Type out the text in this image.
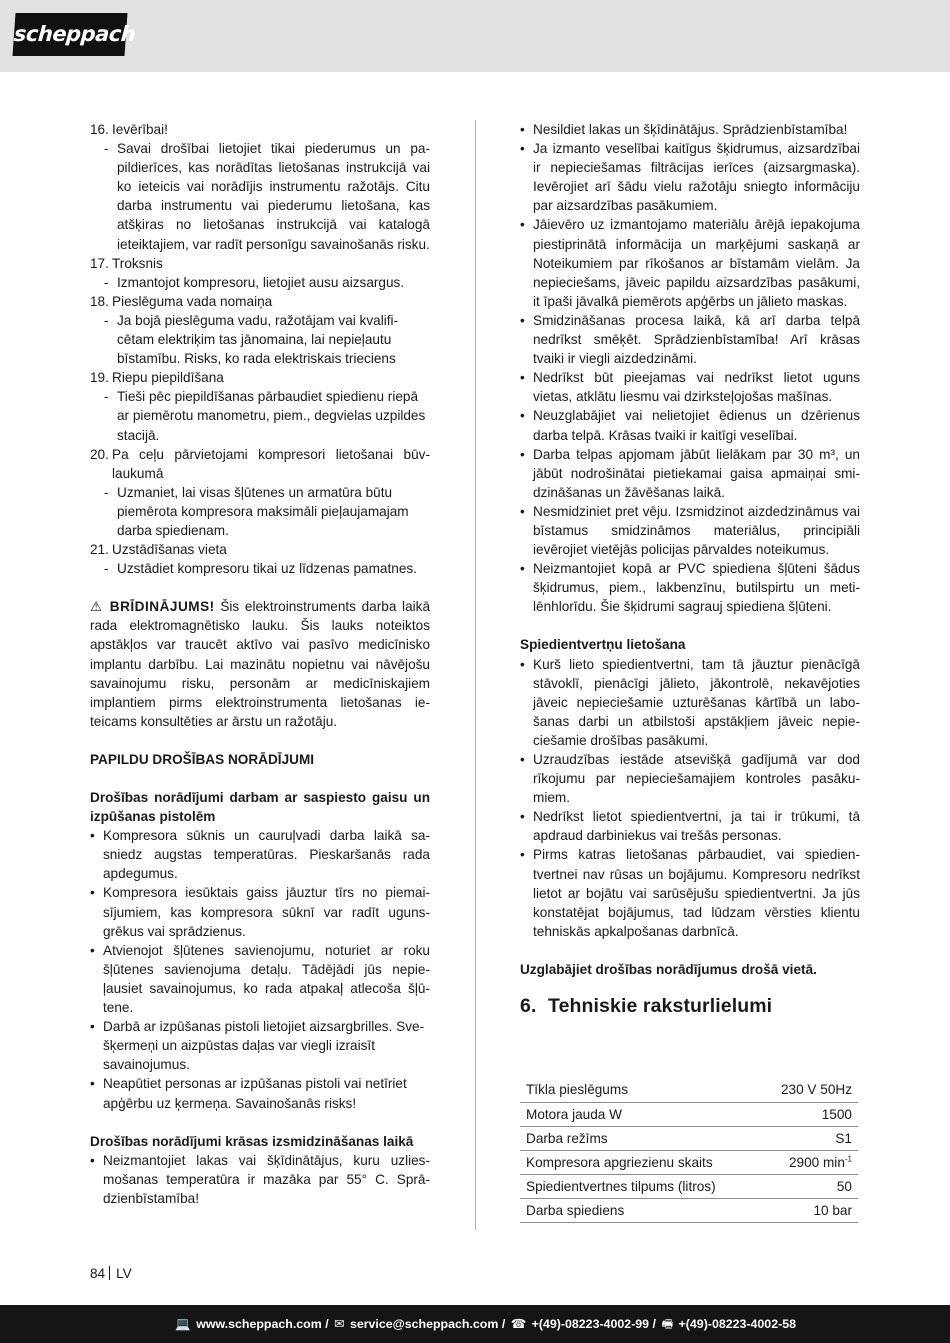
scheppach
16. Ievērībai!
- Savai drošībai lietojiet tikai piederumus un papildierīces, kas norādītas lietošanas instrukcijā vai ko ieteicis vai norādījis instrumentu ražotājs. Citu darba instrumentu vai piederumu lietošana, kas atšķiras no lietošanas instrukcijā vai katalogā ieteiktajiem, var radīt personīgu savainošanās risku.
17. Troksnis
- Izmantojot kompresoru, lietojiet ausu aizsargus.
18. Pieslēguma vada nomaiņa
- Ja bojā pieslēguma vadu, ražotājam vai kvalificētam elektriķim tas jānomaina, lai nepieļautu bīstamību. Risks, ko rada elektriskais trieciens
19. Riepu piepildīšana
- Tieši pēc piepildīšanas pārbaudiet spiedienu riepā ar piemērotu manometru, piem., degvielas uzpildes stacijā.
20. Pa ceļu pārvietojami kompresori lietošanai būvlaukumā
- Uzmaniet, lai visas šļūtenes un armatūra būtu piemērota kompresora maksimāli pieļaujamajam darba spiedienam.
21. Uzstādīšanas vieta
- Uzstādiet kompresoru tikai uz līdzenas pamatnes.
⚠ BRĪDINĀJUMS! Šis elektroinstruments darba laikā rada elektromagnētisko lauku. Šis lauks noteiktos apstākļos var traucēt aktīvo vai pasīvo medicīnisko implantu darbību. Lai mazinātu nopietnu vai nāvējošu savainojumu risku, personām ar medicīniskajiem implantiem pirms elektroinstrumenta lietošanas ieteicams konsultēties ar ārstu un ražotāju.
PAPILDU DROŠĪBAS NORĀDĪJUMI
Drošības norādījumi darbam ar saspiesto gaisu un izpūšanas pistolēm
• Kompresora sūknis un cauruļvadi darba laikā sasniedz augstas temperatūras. Pieskaršanās rada apdegumus.
• Kompresora iesūktais gaiss jāuztur tīrs no piemaisījumiem, kas kompresora sūknī var radīt ugunsgrēkus vai sprādzienus.
• Atvienojot šļūtenes savienojumu, noturiet ar roku šļūtenes savienojuma detaļu. Tādējādi jūs nepieļausiet savainojumus, ko rada atpakaļ atlecoša šļūtene.
• Darbā ar izpūšanas pistoli lietojiet aizsargbrilles. Svešķermeņi un aizpūstas daļas var viegli izraisīt savainojumus.
• Neapūtiet personas ar izpūšanas pistoli vai netīriet apģērbu uz ķermeņa. Savainošanās risks!
Drošības norādījumi krāsas izsmidzināšanas laikā
• Neizmantojiet lakas vai šķīdinātājus, kuru uzliesmošanas temperatūra ir mazāka par 55° C. Sprādzienbīstamība!
• Nesildiet lakas un šķīdinātājus. Sprādzienbīstamība!
• Ja izmanto veselībai kaitīgus šķidrumus, aizsardzībai ir nepieciešamas filtrācijas ierīces (aizsargmaska). Ievērojiet arī šādu vielu ražotāju sniegto informāciju par aizsardzības pasākumiem.
• Jāievēro uz izmantojamo materiālu ārējā iepakojuma piestiprinātā informācija un marķējumi saskaņā ar Noteikumiem par rīkošanos ar bīstamām vielām. Ja nepieciešams, jāveic papildu aizsardzības pasākumi, it īpaši jāvalkā piemērots apģērbs un jālieto maskas.
• Smidzināšanas procesa laikā, kā arī darba telpā nedrīkst smēķēt. Sprādzienbīstamība! Arī krāsas tvaiki ir viegli aizdedzināmi.
• Nedrīkst būt pieejamas vai nedrīkst lietot uguns vietas, atklātu liesmu vai dzirksteļojošas mašīnas.
• Neuzglabājiet vai nelietojiet ēdienus un dzērienus darba telpā. Krāsas tvaiki ir kaitīgi veselībai.
• Darba telpas apjomam jābūt lielākam par 30 m³, un jābūt nodrošinātai pietiekamai gaisa apmaiņai smidzināšanas un žāvēšanas laikā.
• Nesmidziniet pret vēju. Izsmidzinot aizdedzināmus vai bīstamus smidzināmos materiālus, principiāli ievērojiet vietējās policijas pārvaldes noteikumus.
• Neizmantojiet kopā ar PVC spiediena šļūteni šādus šķidrumus, piem., lakbenzīnu, butilspirtu un metilēnhlorīdu. Šie šķidrumi sagrauj spiediena šļūteni.
Spiedientvertņu lietošana
• Kurš lieto spiedientvertni, tam tā jāuztur pienācīgā stāvoklī, pienācīgi jālieto, jākontrolē, nekavējoties jāveic nepieciešamie uzturēšanas kārtībā un labošanas darbi un atbilstoši apstākļiem jāveic nepieciešamie drošības pasākumi.
• Uzraudzības iestāde atsevišķā gadījumā var dod rīkojumu par nepieciešamajiem kontroles pasākumiem.
• Nedrīkst lietot spiedientvertni, ja tai ir trūkumi, tā apdraud darbiniekus vai trešās personas.
• Pirms katras lietošanas pārbaudiet, vai spiedientvertnei nav rūsas un bojājumu. Kompresoru nedrīkst lietot ar bojātu vai sarūsējušu spiedientvertni. Ja jūs konstatējat bojājumus, tad lūdzam vērsties klientu tehniskās apkalpošanas darbnīcā.
Uzglabājiet drošības norādījumus drošā vietā.
6. Tehniskie raksturlielumi
Tīkla pieslēgums	230 V 50Hz
Motora jauda W	1500
Darba režīms	S1
Kompresora apgriezienu skaits	2900 $\min^{-1}$
Spiedientvertnes tilpums (litros)	50
Darba spiediens	10 bar
84 LV
💻 www.scheppach.com / ✉ service@scheppach.com / ☎ +(49)-08223-4002-99 / 🖷 +(49)-08223-4002-58
